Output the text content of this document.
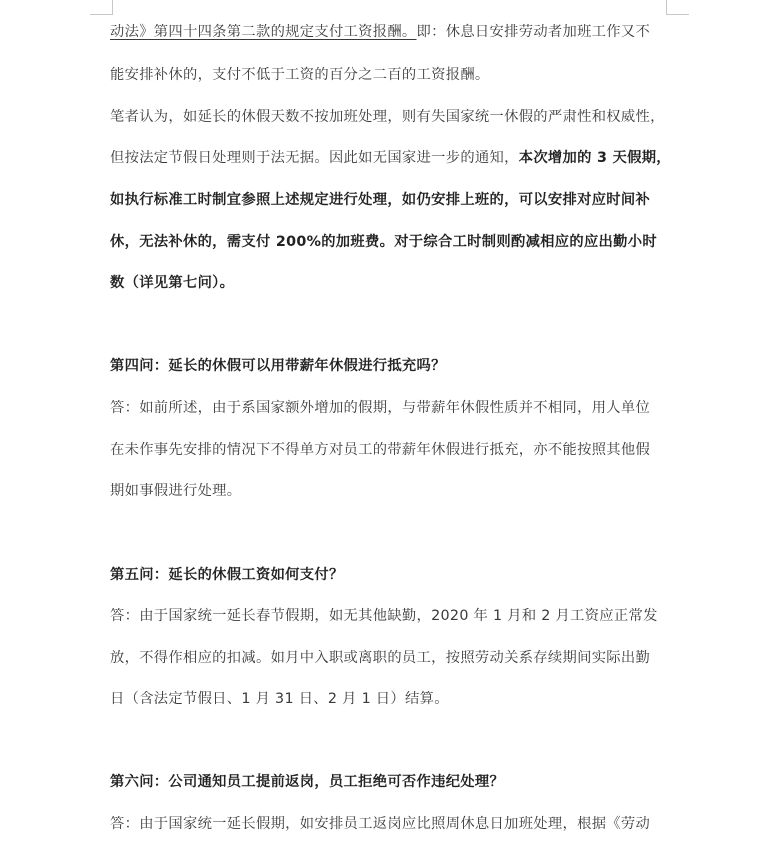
动法》第四十四条第二款的规定支付工资报酬。即：休息日安排劳动者加班工作又不
能安排补休的，支付不低于工资的百分之二百的工资报酬。
笔者认为，如延长的休假天数不按加班处理，则有失国家统一休假的严肃性和权威性，
但按法定节假日处理则于法无据。因此如无国家进一步的通知，本次增加的 3 天假期，
如执行标准工时制宜参照上述规定进行处理，如仍安排上班的，可以安排对应时间补
休，无法补休的，需支付 200%的加班费。对于综合工时制则酌减相应的应出勤小时
数（详见第七问）。
第四问：延长的休假可以用带薪年休假进行抵充吗？
答：如前所述，由于系国家额外增加的假期，与带薪年休假性质并不相同，用人单位
在未作事先安排的情况下不得单方对员工的带薪年休假进行抵充，亦不能按照其他假
期如事假进行处理。
第五问：延长的休假工资如何支付？
答：由于国家统一延长春节假期，如无其他缺勤，2020 年 1 月和 2 月工资应正常发
放，不得作相应的扣减。如月中入职或离职的员工，按照劳动关系存续期间实际出勤
日（含法定节假日、1 月 31 日、2 月 1 日）结算。
第六问：公司通知员工提前返岗，员工拒绝可否作违纪处理？
答：由于国家统一延长假期，如安排员工返岗应比照周休息日加班处理，根据《劳动
